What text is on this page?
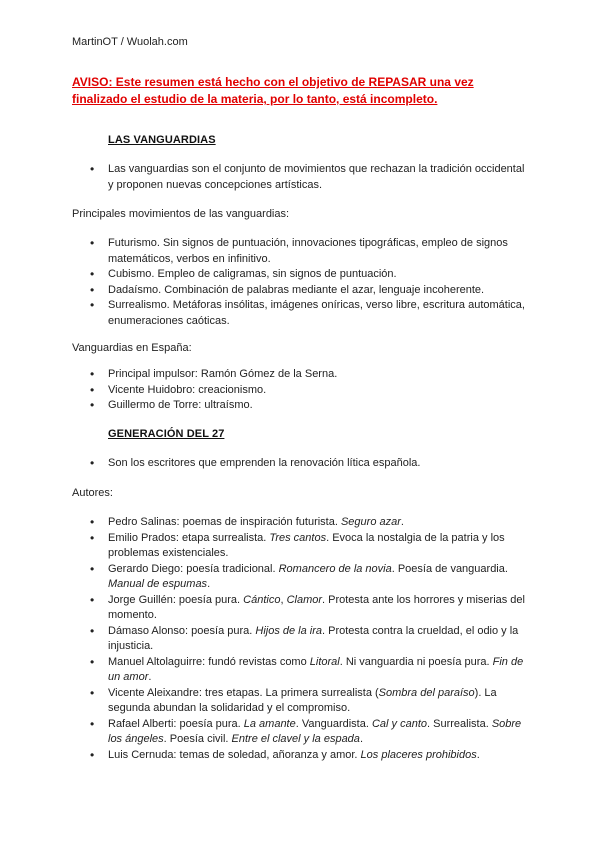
MartinOT / Wuolah.com
AVISO: Este resumen está hecho con el objetivo de REPASAR una vez finalizado el estudio de la materia, por lo tanto, está incompleto.
LAS VANGUARDIAS
• Las vanguardias son el conjunto de movimientos que rechazan la tradición occidental y proponen nuevas concepciones artísticas.
Principales movimientos de las vanguardias:
• Futurismo. Sin signos de puntuación, innovaciones tipográficas, empleo de signos matemáticos, verbos en infinitivo.
• Cubismo. Empleo de caligramas, sin signos de puntuación.
• Dadaísmo. Combinación de palabras mediante el azar, lenguaje incoherente.
• Surrealismo. Metáforas insólitas, imágenes oníricas, verso libre, escritura automática, enumeraciones caóticas.
Vanguardias en España:
• Principal impulsor: Ramón Gómez de la Serna.
• Vicente Huidobro: creacionismo.
• Guillermo de Torre: ultraísmo.
GENERACIÓN DEL 27
• Son los escritores que emprenden la renovación lítica española.
Autores:
• Pedro Salinas: poemas de inspiración futurista. Seguro azar.
• Emilio Prados: etapa surrealista. Tres cantos. Evoca la nostalgia de la patria y los problemas existenciales.
• Gerardo Diego: poesía tradicional. Romancero de la novia. Poesía de vanguardia. Manual de espumas.
• Jorge Guillén: poesía pura. Cántico, Clamor. Protesta ante los horrores y miserias del momento.
• Dámaso Alonso: poesía pura. Hijos de la ira. Protesta contra la crueldad, el odio y la injusticia.
• Manuel Altolaguirre: fundó revistas como Litoral. Ni vanguardia ni poesía pura. Fin de un amor.
• Vicente Aleixandre: tres etapas. La primera surrealista (Sombra del paraíso). La segunda abundan la solidaridad y el compromiso.
• Rafael Alberti: poesía pura. La amante. Vanguardista. Cal y canto. Surrealista. Sobre los ángeles. Poesía civil. Entre el clavel y la espada.
• Luis Cernuda: temas de soledad, añoranza y amor. Los placeres prohibidos.
